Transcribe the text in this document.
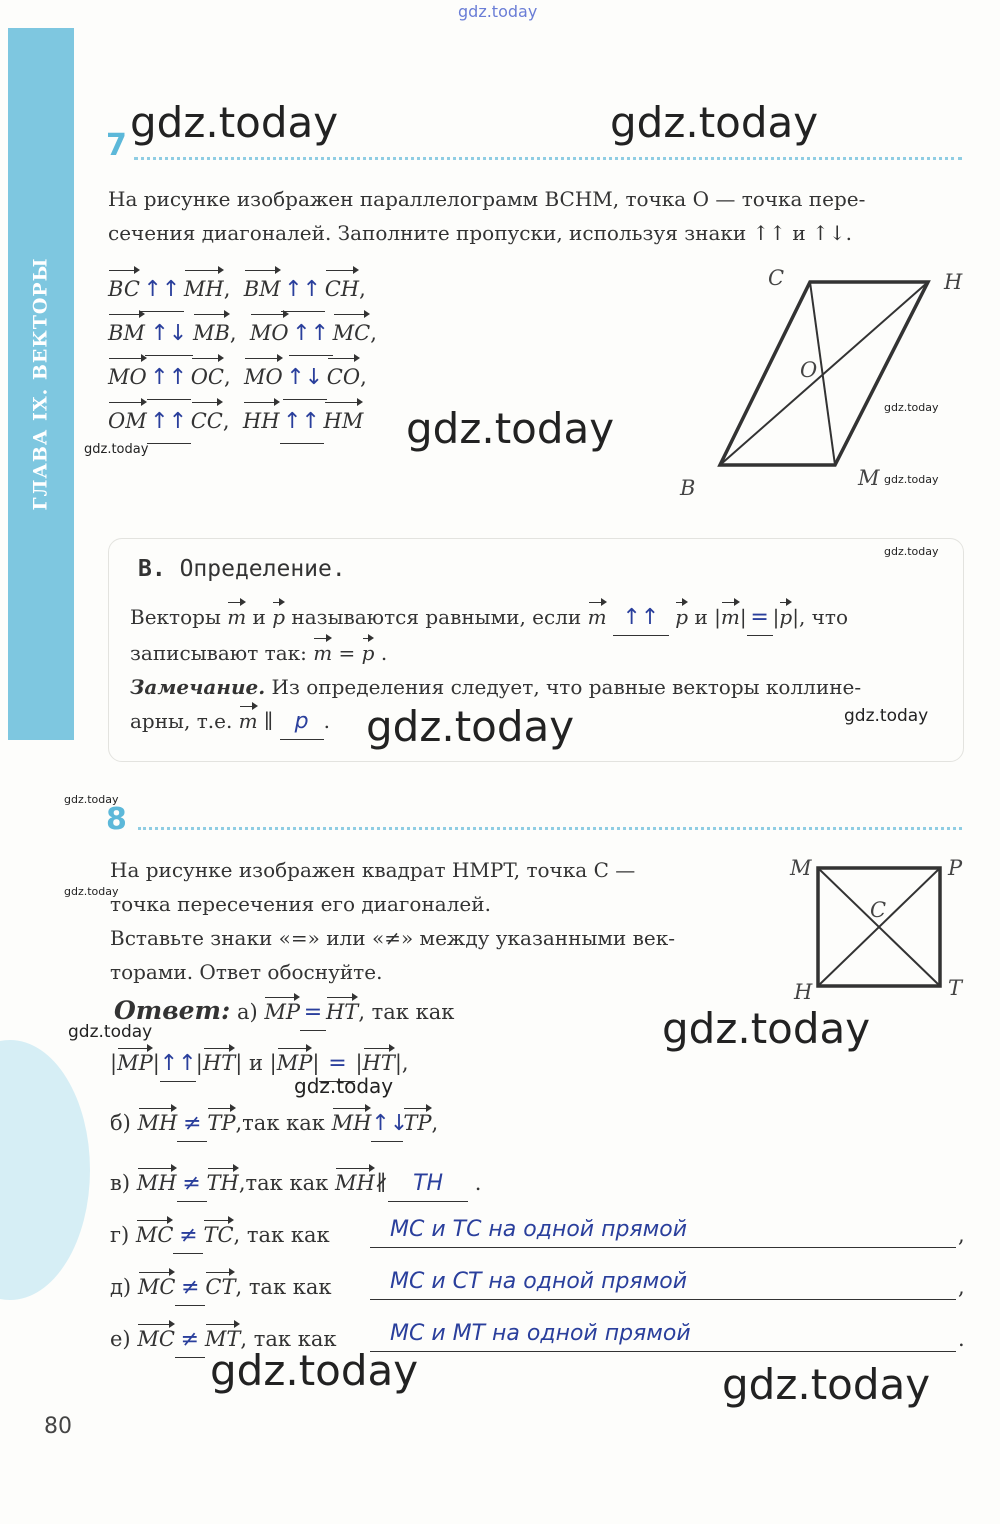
ГЛАВА IX. ВЕКТОРЫ
gdz.today
7 gdz.today	gdz.today
На рисунке изображен параллелограмм BCHM, точка O — точка пере-
сечения диагоналей. Заполните пропуски, используя знаки ↑↑ и ↑↓.
BC ↑↑ MH,  BM ↑↑ CH,
BM ↑↓ MB,  MO ↑↑ MC,
MO ↑↑ OC,  MO ↑↓ CO,
OM ↑↑ CC,  HH ↑↑ HM	gdz.today
gdz.today
C	H
O
B	M
gdz.today
gdz.today
gdz.today
В. Определение.
Векторы m и p называются равными, если m ↑↑ p и |m| = |p|, что
записывают так: m = p .
Замечание. Из определения следует, что равные векторы коллине-
арны, т.е. m ∥ p . gdz.today	gdz.today
gdz.today
8
gdz.today
На рисунке изображен квадрат HMPT, точка C —
точка пересечения его диагоналей.
Вставьте знаки «=» или «≠» между указанными век-
торами. Ответ обоснуйте.
M	P
C
H	T
Ответ: а) MP = HT, так как
gdz.today	gdz.today
|MP|↑↑|HT| и |MP| = |HT|,
gdz.today
б) MH ≠ TP,так как MH↑↓TP,
в) MH ≠ TH,так как MH∦ TH .
г) MC ≠ TC, так как	MC и TC на одной прямой	,
д) MC ≠ CT, так как	MC и CT на одной прямой	,
е) MC ≠ MT, так как	MC и MT на одной прямой	.
gdz.today	gdz.today
80
